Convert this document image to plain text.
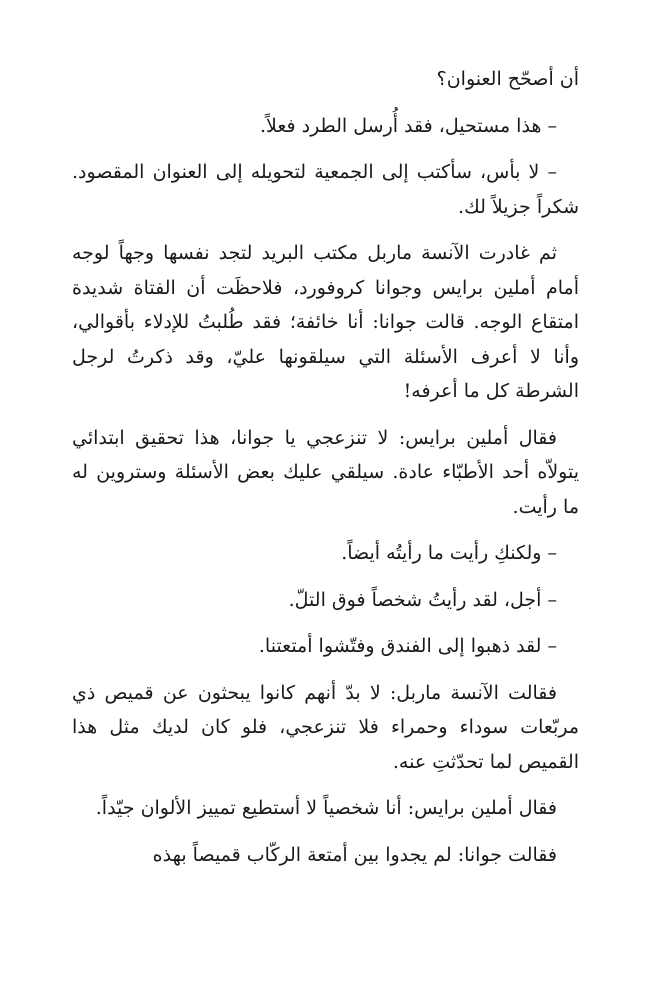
أن أصحّح العنوان؟

– هذا مستحيل، فقد أُرسل الطرد فعلاً.

– لا بأس، سأكتب إلى الجمعية لتحويله إلى العنوان المقصود. شكراً جزيلاً لك.

ثم غادرت الآنسة ماربل مكتب البريد لتجد نفسها وجهاً لوجه أمام أملين برايس وجوانا كروفورد، فلاحظَت أن الفتاة شديدة امتقاع الوجه. قالت جوانا: أنا خائفة؛ فقد طُلبتُ للإدلاء بأقوالي، وأنا لا أعرف الأسئلة التي سيلقونها عليّ، وقد ذكرتُ لرجل الشرطة كل ما أعرفه!

فقال أملين برايس: لا تنزعجي يا جوانا، هذا تحقيق ابتدائي يتولاّه أحد الأطبّاء عادة. سيلقي عليك بعض الأسئلة وستروين له ما رأيت.

– ولكنكِ رأيت ما رأيتُه أيضاً.

– أجل، لقد رأيتُ شخصاً فوق التلّ.

– لقد ذهبوا إلى الفندق وفتّشوا أمتعتنا.

فقالت الآنسة ماربل: لا بدّ أنهم كانوا يبحثون عن قميص ذي مربّعات سوداء وحمراء فلا تنزعجي، فلو كان لديك مثل هذا القميص لما تحدّثتِ عنه.

فقال أملين برايس: أنا شخصياً لا أستطيع تمييز الألوان جيّداً.

فقالت جوانا: لم يجدوا بين أمتعة الركّاب قميصاً بهذه
